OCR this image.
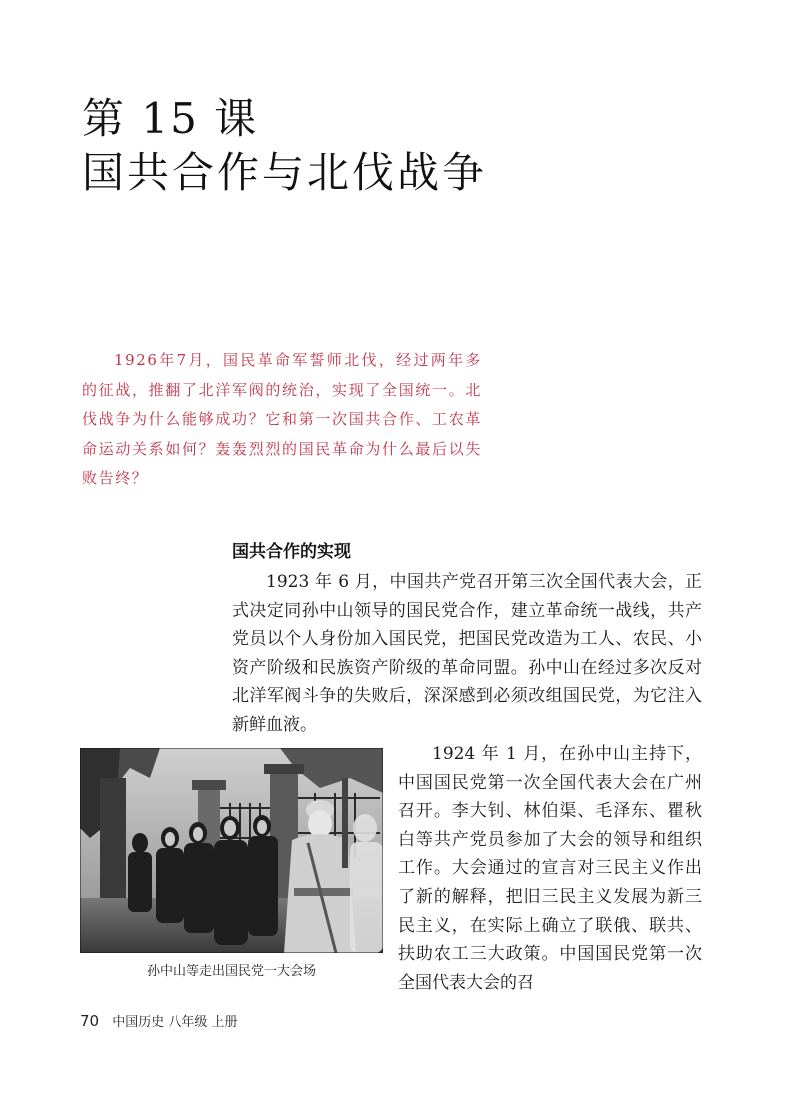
第 15 课
国共合作与北伐战争

1926年7月，国民革命军誓师北伐，经过两年多的征战，推翻了北洋军阀的统治，实现了全国统一。北伐战争为什么能够成功？它和第一次国共合作、工农革命运动关系如何？轰轰烈烈的国民革命为什么最后以失败告终？

国共合作的实现

1923 年 6 月，中国共产党召开第三次全国代表大会，正式决定同孙中山领导的国民党合作，建立革命统一战线，共产党员以个人身份加入国民党，把国民党改造为工人、农民、小资产阶级和民族资产阶级的革命同盟。孙中山在经过多次反对北洋军阀斗争的失败后，深深感到必须改组国民党，为它注入新鲜血液。

孙中山等走出国民党一大会场

1924 年 1 月，在孙中山主持下，中国国民党第一次全国代表大会在广州召开。李大钊、林伯渠、毛泽东、瞿秋白等共产党员参加了大会的领导和组织工作。大会通过的宣言对三民主义作出了新的解释，把旧三民主义发展为新三民主义，在实际上确立了联俄、联共、扶助农工三大政策。中国国民党第一次全国代表大会的召

70 中国历史 八年级 上册
